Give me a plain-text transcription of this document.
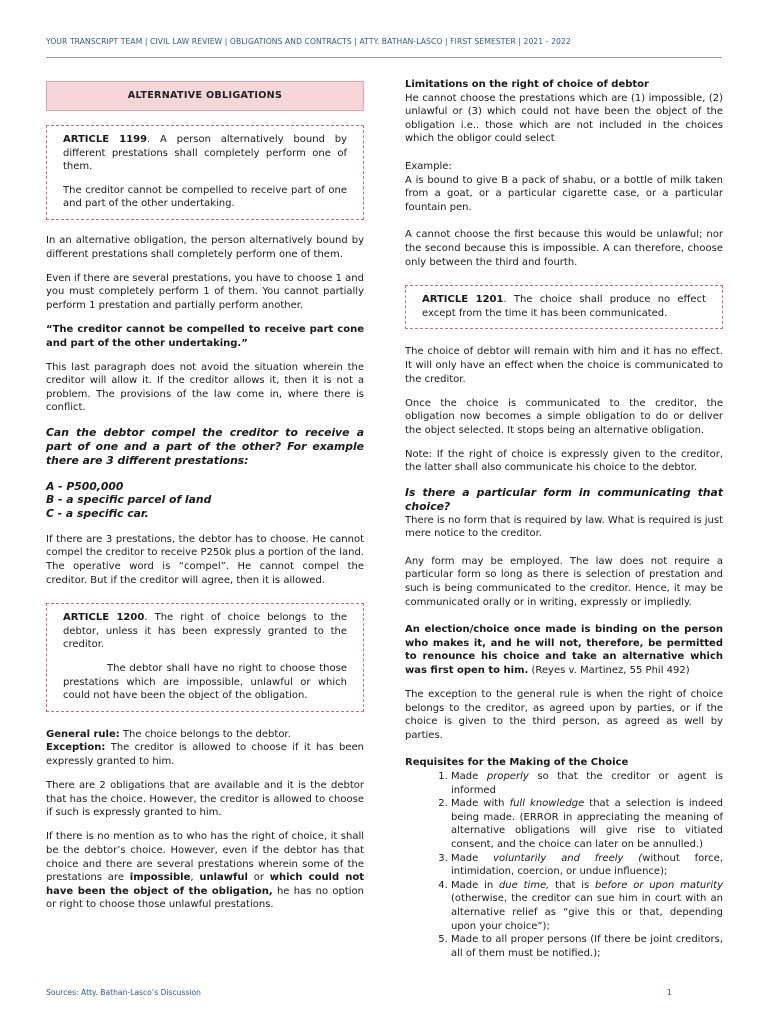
YOUR TRANSCRIPT TEAM | CIVIL LAW REVIEW | OBLIGATIONS AND CONTRACTS | ATTY. BATHAN-LASCO | FIRST SEMESTER | 2021 - 2022
ALTERNATIVE OBLIGATIONS

ARTICLE 1199. A person alternatively bound by different prestations shall completely perform one of them.

The creditor cannot be compelled to receive part of one and part of the other undertaking.

In an alternative obligation, the person alternatively bound by different prestations shall completely perform one of them.

Even if there are several prestations, you have to choose 1 and you must completely perform 1 of them. You cannot partially perform 1 prestation and partially perform another.

“The creditor cannot be compelled to receive part cone and part of the other undertaking.”

This last paragraph does not avoid the situation wherein the creditor will allow it. If the creditor allows it, then it is not a problem. The provisions of the law come in, where there is conflict.

Can the debtor compel the creditor to receive a part of one and a part of the other? For example there are 3 different prestations:

A - P500,000
B - a specific parcel of land
C - a specific car.

If there are 3 prestations, the debtor has to choose. He cannot compel the creditor to receive P250k plus a portion of the land. The operative word is “compel”. He cannot compel the creditor. But if the creditor will agree, then it is allowed.

ARTICLE 1200. The right of choice belongs to the debtor, unless it has been expressly granted to the creditor.

The debtor shall have no right to choose those prestations which are impossible, unlawful or which could not have been the object of the obligation.

General rule: The choice belongs to the debtor.

Exception: The creditor is allowed to choose if it has been expressly granted to him.

There are 2 obligations that are available and it is the debtor that has the choice. However, the creditor is allowed to choose if such is expressly granted to him.

If there is no mention as to who has the right of choice, it shall be the debtor’s choice. However, even if the debtor has that choice and there are several prestations wherein some of the prestations are impossible, unlawful or which could not have been the object of the obligation, he has no option or right to choose those unlawful prestations.

Limitations on the right of choice of debtor

He cannot choose the prestations which are (1) impossible, (2) unlawful or (3) which could not have been the object of the obligation i.e.. those which are not included in the choices which the obligor could select

Example:

A is bound to give B a pack of shabu, or a bottle of milk taken from a goat, or a particular cigarette case, or a particular fountain pen.

A cannot choose the first because this would be unlawful; nor the second because this is impossible. A can therefore, choose only between the third and fourth.

ARTICLE 1201. The choice shall produce no effect except from the time it has been communicated.

The choice of debtor will remain with him and it has no effect. It will only have an effect when the choice is communicated to the creditor.

Once the choice is communicated to the creditor, the obligation now becomes a simple obligation to do or deliver the object selected. It stops being an alternative obligation.

Note: If the right of choice is expressly given to the creditor, the latter shall also communicate his choice to the debtor.

Is there a particular form in communicating that choice?

There is no form that is required by law. What is required is just mere notice to the creditor.

Any form may be employed. The law does not require a particular form so long as there is selection of prestation and such is being communicated to the creditor. Hence, it may be communicated orally or in writing, expressly or impliedly.

An election/choice once made is binding on the person who makes it, and he will not, therefore, be permitted to renounce his choice and take an alternative which was first open to him. (Reyes v. Martinez, 55 Phil 492)

The exception to the general rule is when the right of choice belongs to the creditor, as agreed upon by parties, or if the choice is given to the third person, as agreed as well by parties.

Requisites for the Making of the Choice

1. Made properly so that the creditor or agent is informed
2. Made with full knowledge that a selection is indeed being made. (ERROR in appreciating the meaning of alternative obligations will give rise to vitiated consent, and the choice can later on be annulled.)
3. Made voluntarily and freely (without force, intimidation, coercion, or undue influence);
4. Made in due time, that is before or upon maturity (otherwise, the creditor can sue him in court with an alternative relief as “give this or that, depending upon your choice”);
5. Made to all proper persons (If there be joint creditors, all of them must be notified.);
Sources: Atty. Bathan-Lasco’s Discussion	1
